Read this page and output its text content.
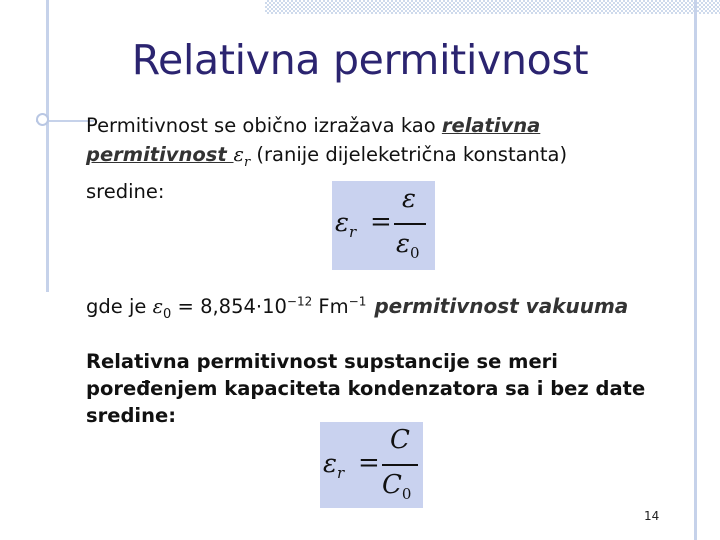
Relativna permitivnost
Permitivnost se obično izražava kao relativna permitivnost $\varepsilon_r$ (ranije dijeleketrična konstanta) sredine:
$\varepsilon_r$ =
ε
$\varepsilon_0$
gde je $\varepsilon_0 = 8,854\cdot 10^{-12}$ $Fm^{-1}$ permitivnost vakuuma
Relativna permitivnost supstancije se meri poređenjem kapaciteta kondenzatora sa i bez date sredine:
$\varepsilon_r$ =
C
$C_0$
14
